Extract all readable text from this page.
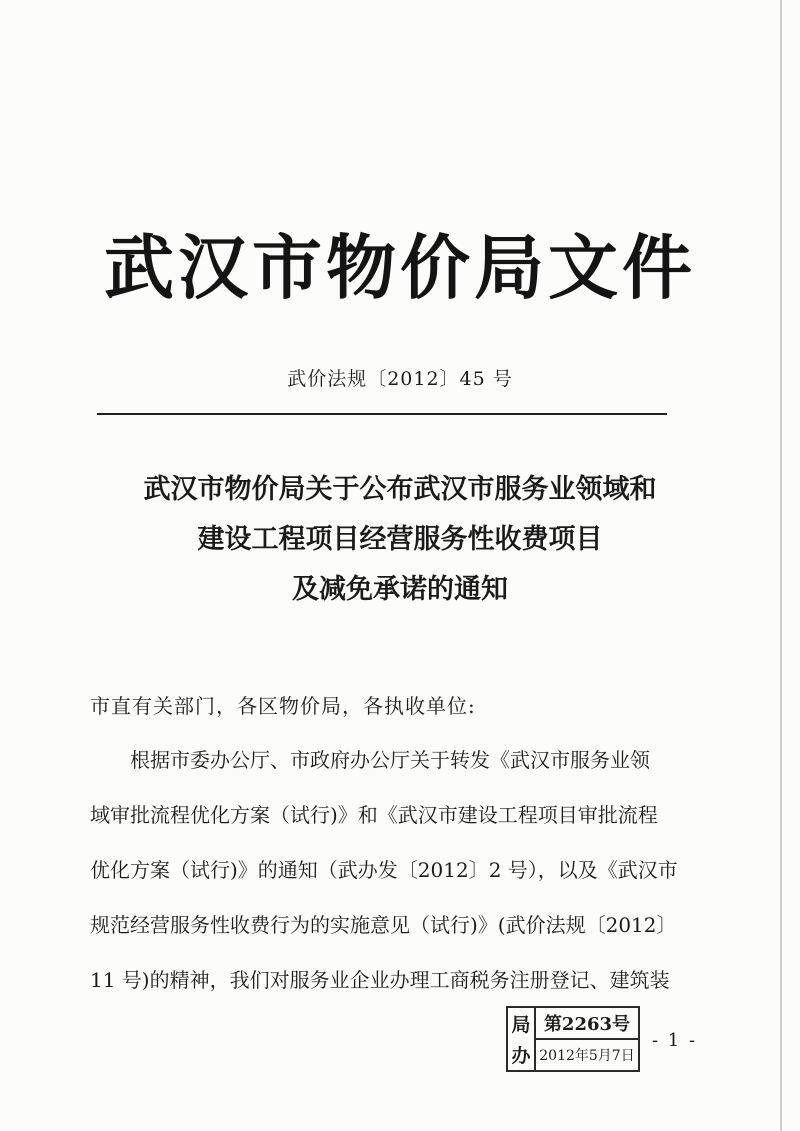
武汉市物价局文件
武价法规〔2012〕45 号
武汉市物价局关于公布武汉市服务业领域和
建设工程项目经营服务性收费项目
及减免承诺的通知
市直有关部门，各区物价局，各执收单位:
根据市委办公厅、市政府办公厅关于转发《武汉市服务业领
域审批流程优化方案（试行)》和《武汉市建设工程项目审批流程
优化方案（试行)》的通知（武办发〔2012〕2 号），以及《武汉市
规范经营服务性收费行为的实施意见（试行)》(武价法规〔2012〕
11 号)的精神，我们对服务业企业办理工商税务注册登记、建筑装
局
办
第2263号
2012年5月7日
- 1 -
